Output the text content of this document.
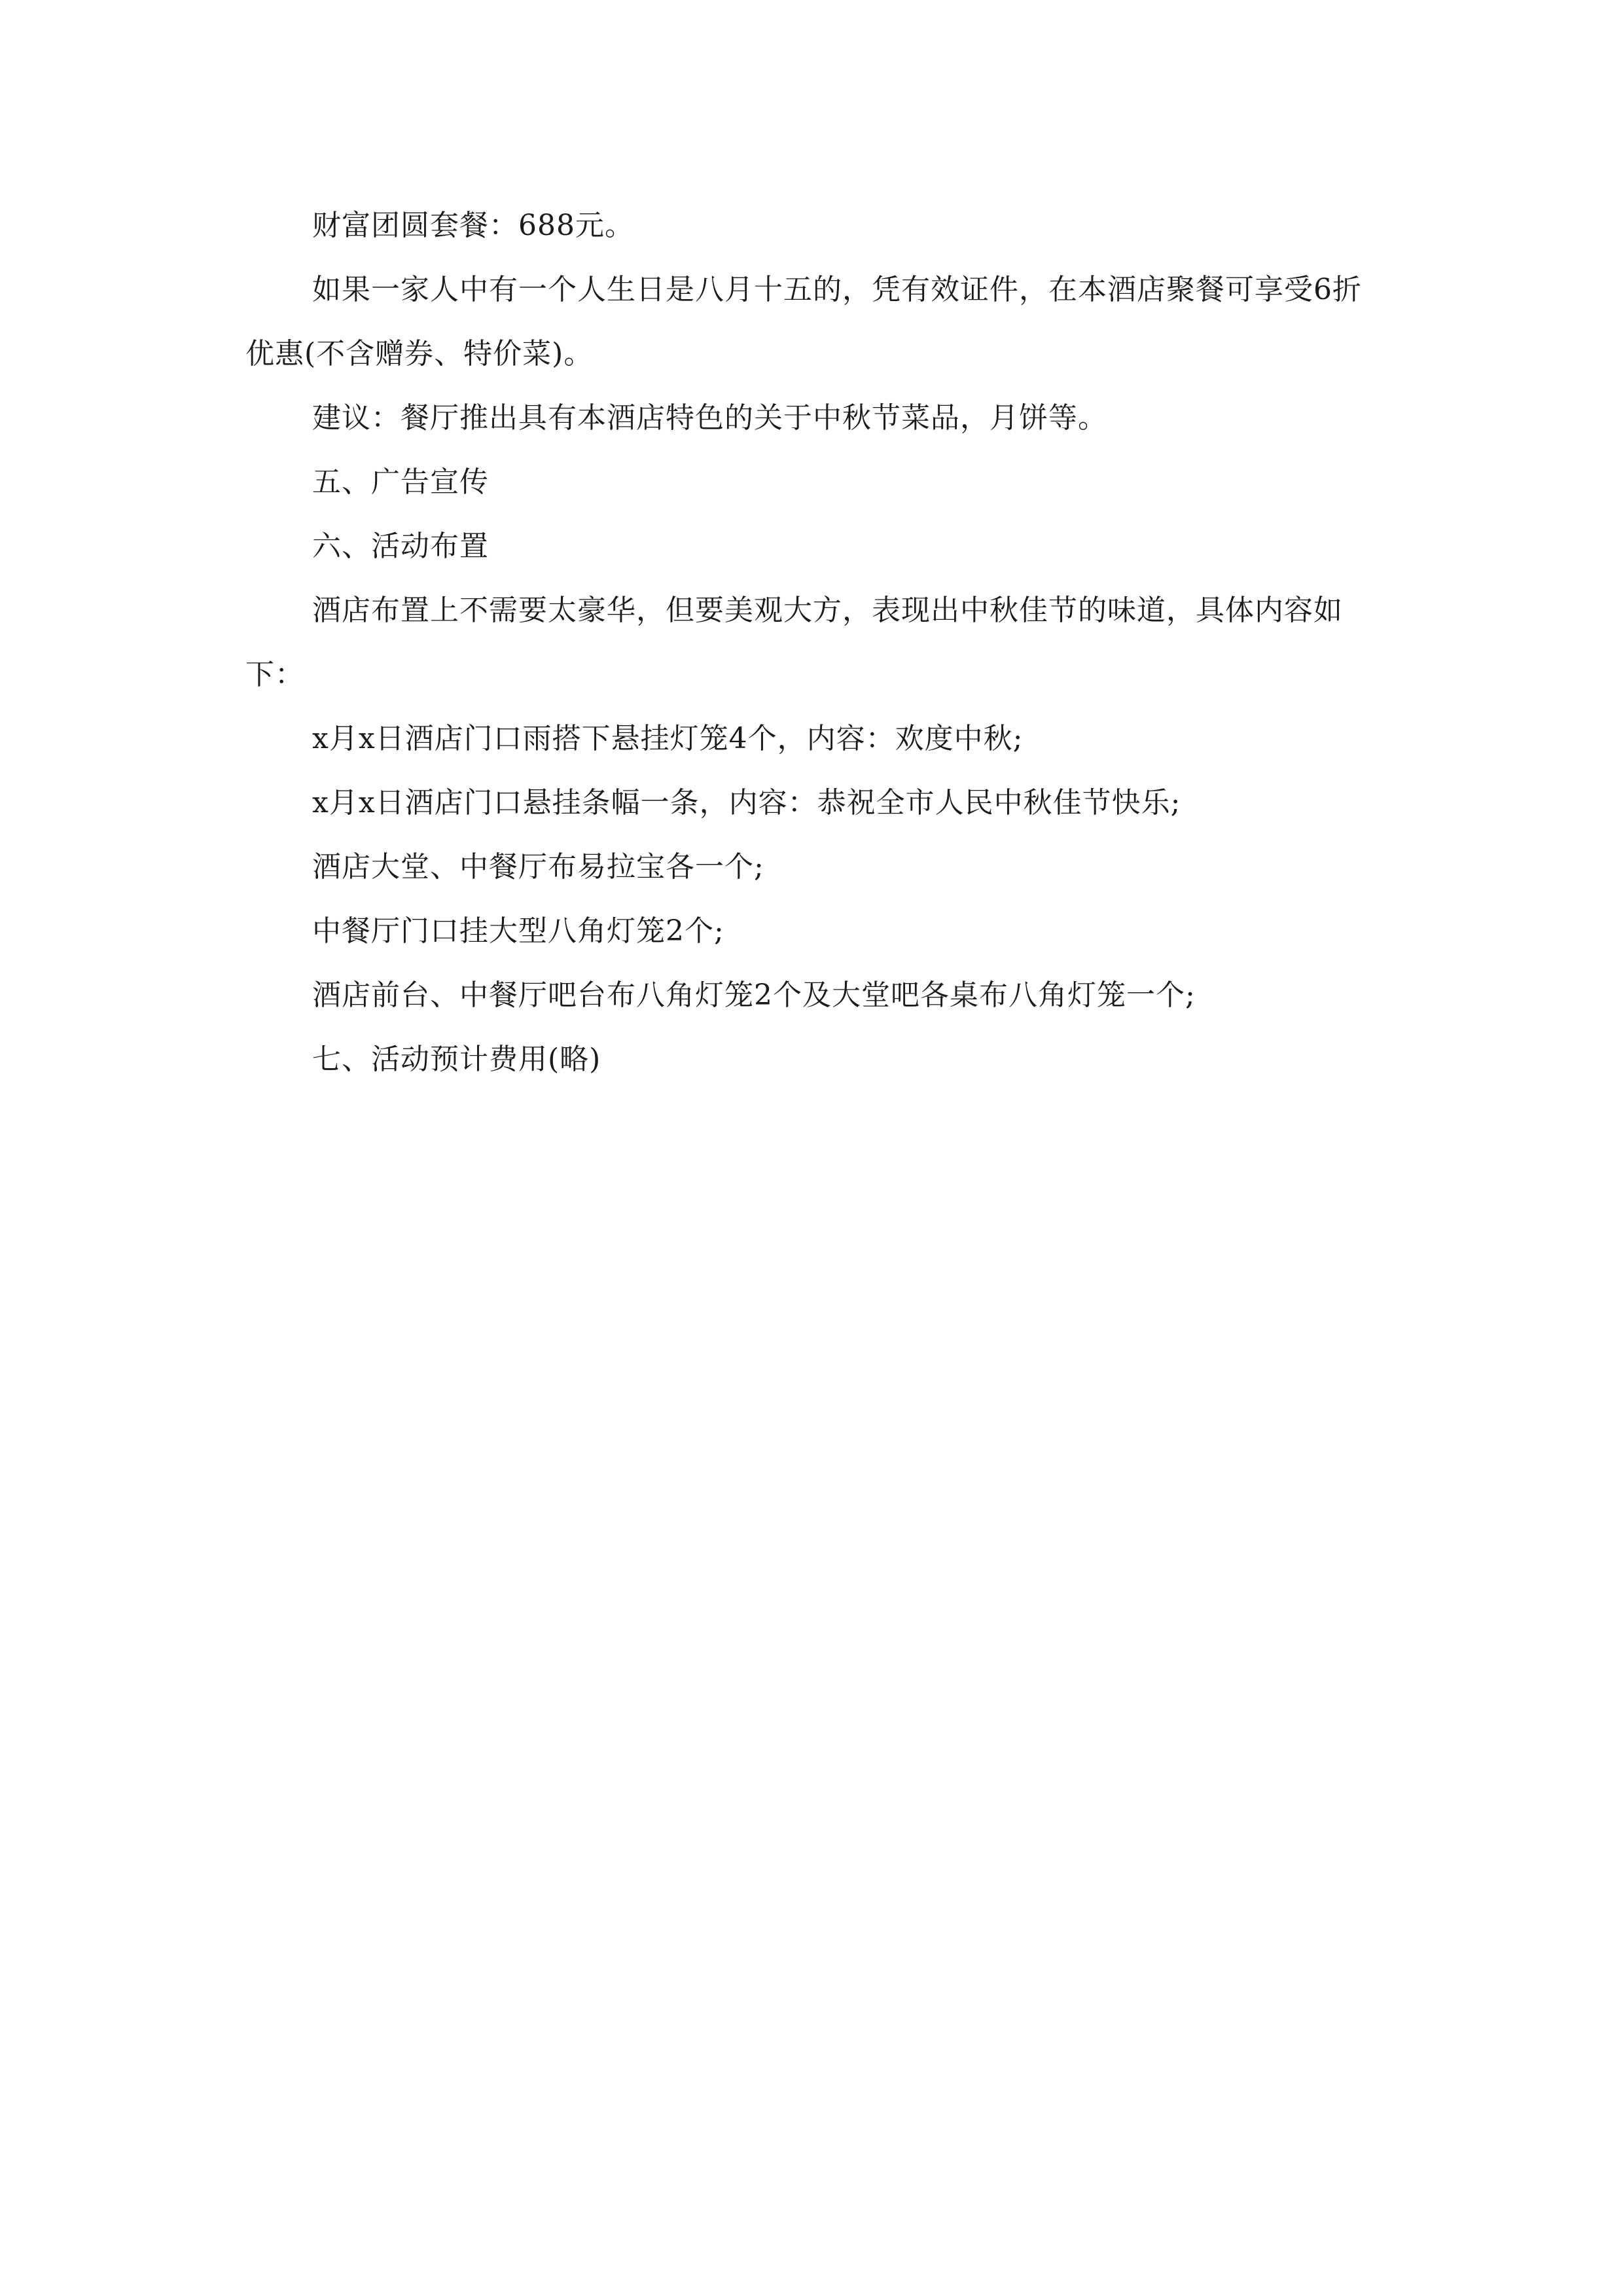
财富团圆套餐：688元。

如果一家人中有一个人生日是八月十五的，凭有效证件，在本酒店聚餐可享受6折优惠(不含赠券、特价菜)。

建议：餐厅推出具有本酒店特色的关于中秋节菜品，月饼等。

五、广告宣传

六、活动布置

酒店布置上不需要太豪华，但要美观大方，表现出中秋佳节的味道，具体内容如下：

x月x日酒店门口雨搭下悬挂灯笼4个，内容：欢度中秋;

x月x日酒店门口悬挂条幅一条，内容：恭祝全市人民中秋佳节快乐;

酒店大堂、中餐厅布易拉宝各一个;

中餐厅门口挂大型八角灯笼2个;

酒店前台、中餐厅吧台布八角灯笼2个及大堂吧各桌布八角灯笼一个;

七、活动预计费用(略)
